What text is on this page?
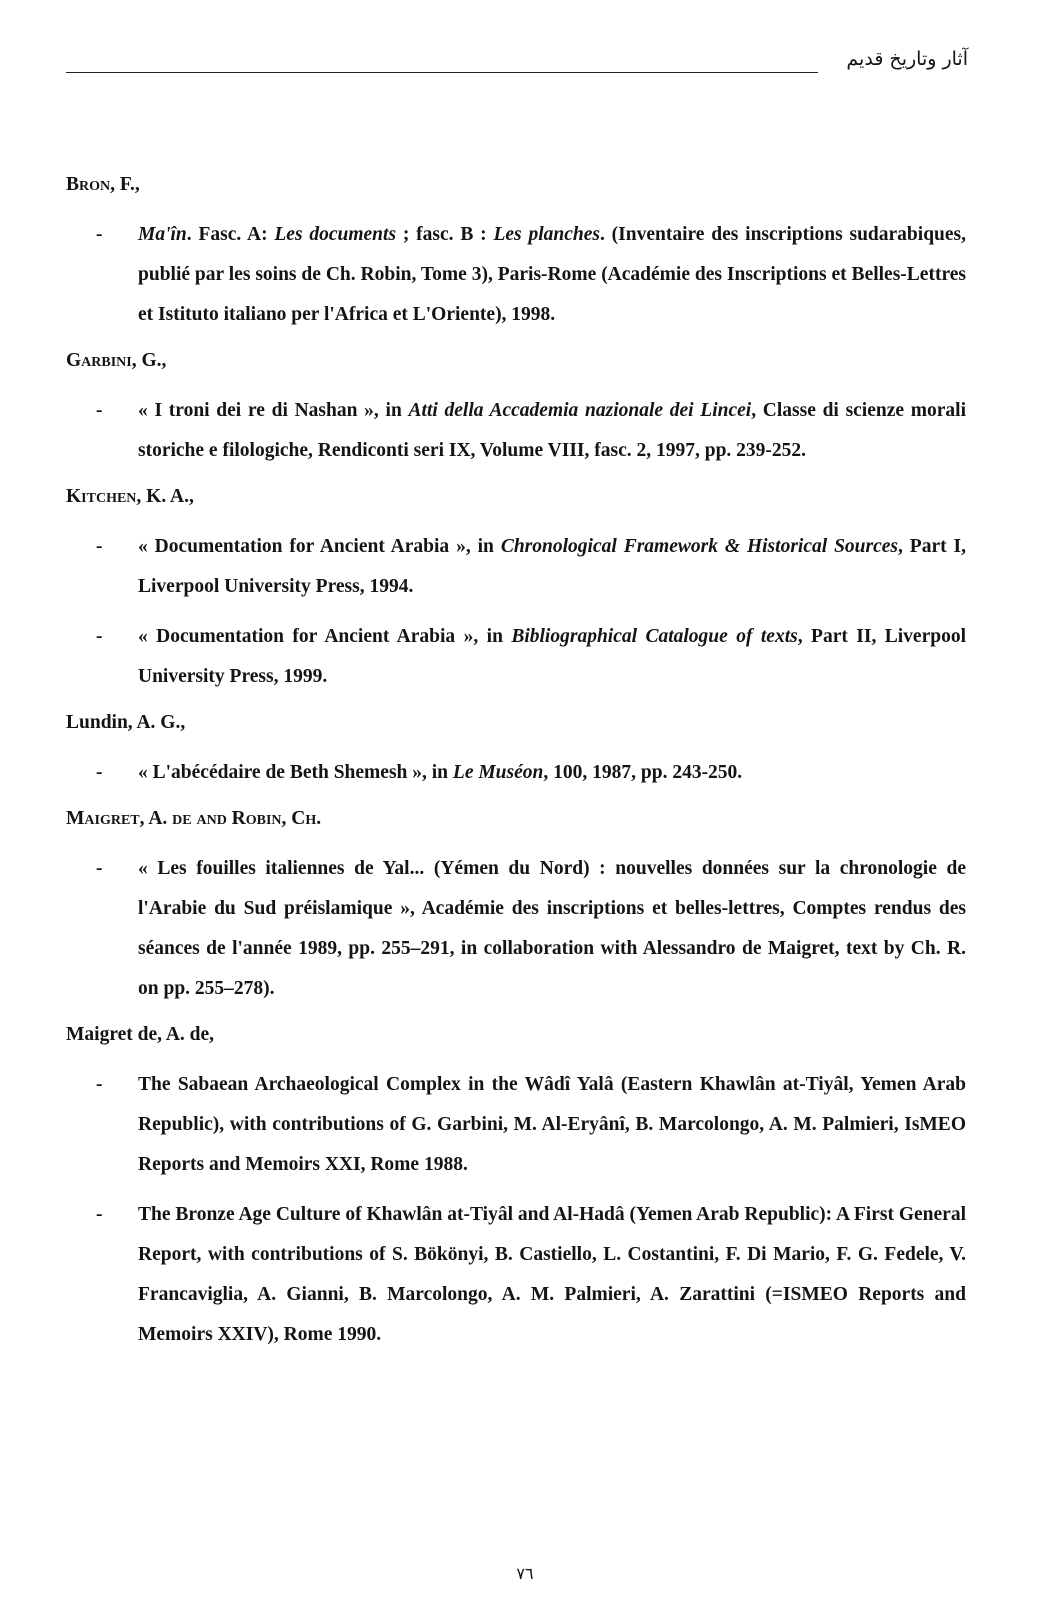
آثار وتاريخ قديم

Bron, F.,

- Ma'în. Fasc. A: Les documents ; fasc. B : Les planches. (Inventaire des inscriptions sudarabiques, publié par les soins de Ch. Robin, Tome 3), Paris-Rome (Académie des Inscriptions et Belles-Lettres et Istituto italiano per l'Africa et L'Oriente), 1998.

Garbini, G.,

- « I troni dei re di Nashan », in Atti della Accademia nazionale dei Lincei, Classe di scienze morali storiche e filologiche, Rendiconti seri IX, Volume VIII, fasc. 2, 1997, pp. 239-252.

Kitchen, K. A.,

- « Documentation for Ancient Arabia », in Chronological Framework & Historical Sources, Part I, Liverpool University Press, 1994.
- « Documentation for Ancient Arabia », in Bibliographical Catalogue of texts, Part II, Liverpool University Press, 1999.

Lundin, A. G.,

- « L'abécédaire de Beth Shemesh », in Le Muséon, 100, 1987, pp. 243-250.

Maigret, A. de and Robin, Ch.

- « Les fouilles italiennes de Yal... (Yémen du Nord) : nouvelles données sur la chronologie de l'Arabie du Sud préislamique », Académie des inscriptions et belles-lettres, Comptes rendus des séances de l'année 1989, pp. 255–291, in collaboration with Alessandro de Maigret, text by Ch. R. on pp. 255–278).

Maigret de, A. de,

- The Sabaean Archaeological Complex in the Wâdî Yalâ (Eastern Khawlân at-Tiyâl, Yemen Arab Republic), with contributions of G. Garbini, M. Al-Eryânî, B. Marcolongo, A. M. Palmieri, IsMEO Reports and Memoirs XXI, Rome 1988.
- The Bronze Age Culture of Khawlân at-Tiyâl and Al-Hadâ (Yemen Arab Republic): A First General Report, with contributions of S. Bökönyi, B. Castiello, L. Costantini, F. Di Mario, F. G. Fedele, V. Francaviglia, A. Gianni, B. Marcolongo, A. M. Palmieri, A. Zarattini (=ISMEO Reports and Memoirs XXIV), Rome 1990.
٧٦
